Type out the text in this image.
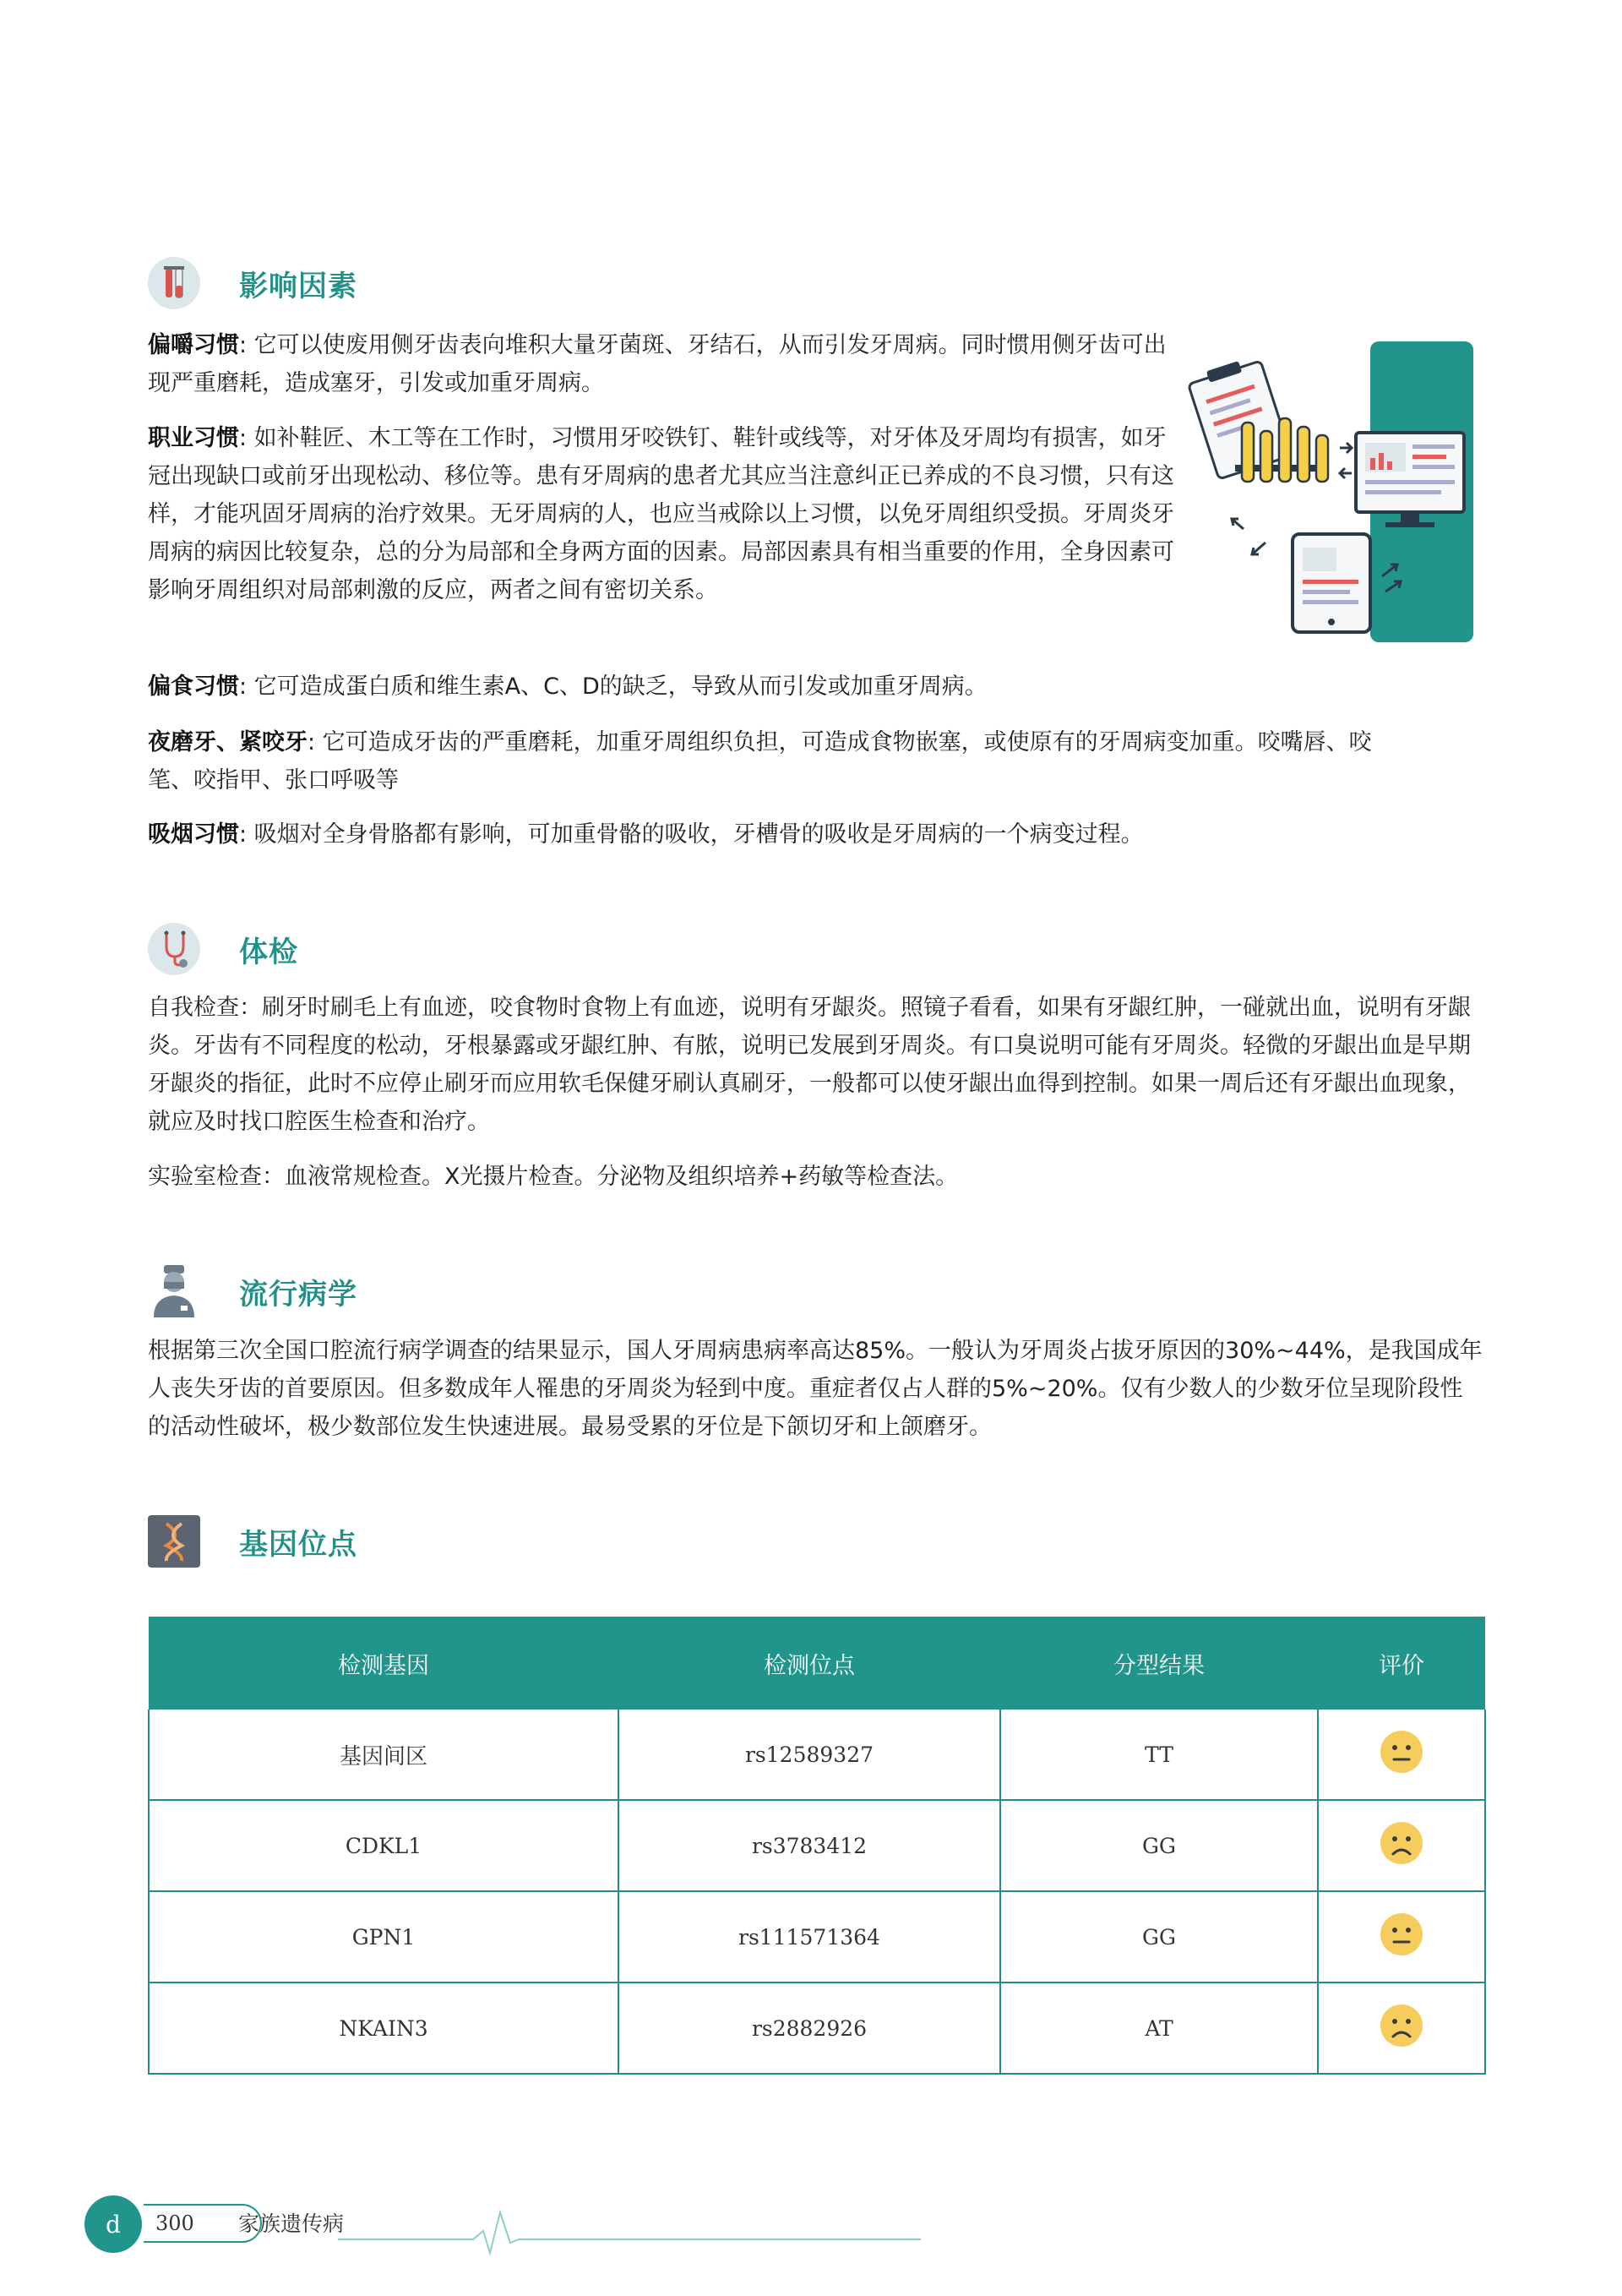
影响因素

偏嚼习惯: 它可以使废用侧牙齿表向堆积大量牙菌斑、牙结石，从而引发牙周病。同时惯用侧牙齿可出现严重磨耗，造成塞牙，引发或加重牙周病。

职业习惯: 如补鞋匠、木工等在工作时，习惯用牙咬铁钉、鞋针或线等，对牙体及牙周均有损害，如牙冠出现缺口或前牙出现松动、移位等。患有牙周病的患者尤其应当注意纠正已养成的不良习惯，只有这样，才能巩固牙周病的治疗效果。无牙周病的人，也应当戒除以上习惯，以免牙周组织受损。牙周炎牙周病的病因比较复杂，总的分为局部和全身两方面的因素。局部因素具有相当重要的作用，全身因素可影响牙周组织对局部刺激的反应，两者之间有密切关系。

偏食习惯: 它可造成蛋白质和维生素A、C、D的缺乏，导致从而引发或加重牙周病。

夜磨牙、紧咬牙: 它可造成牙齿的严重磨耗，加重牙周组织负担，可造成食物嵌塞，或使原有的牙周病变加重。咬嘴唇、咬笔、咬指甲、张口呼吸等

吸烟习惯: 吸烟对全身骨胳都有影响，可加重骨骼的吸收，牙槽骨的吸收是牙周病的一个病变过程。

体检

自我检查：刷牙时刷毛上有血迹，咬食物时食物上有血迹，说明有牙龈炎。照镜子看看，如果有牙龈红肿，一碰就出血，说明有牙龈炎。牙齿有不同程度的松动，牙根暴露或牙龈红肿、有脓，说明已发展到牙周炎。有口臭说明可能有牙周炎。轻微的牙龈出血是早期牙龈炎的指征，此时不应停止刷牙而应用软毛保健牙刷认真刷牙，一般都可以使牙龈出血得到控制。如果一周后还有牙龈出血现象，就应及时找口腔医生检查和治疗。

实验室检查：血液常规检查。X光摄片检查。分泌物及组织培养+药敏等检查法。

流行病学

根据第三次全国口腔流行病学调查的结果显示，国人牙周病患病率高达85%。一般认为牙周炎占拔牙原因的30%~44%，是我国成年人丧失牙齿的首要原因。但多数成年人罹患的牙周炎为轻到中度。重症者仅占人群的5%~20%。仅有少数人的少数牙位呈现阶段性的活动性破坏，极少数部位发生快速进展。最易受累的牙位是下颌切牙和上颌磨牙。

基因位点
检测基因	检测位点	分型结果	评价
基因间区	rs12589327	TT	
CDKL1	rs3783412	GG	
GPN1	rs111571364	GG	
NKAIN3	rs2882926	AT	
d	300	家族遗传病
